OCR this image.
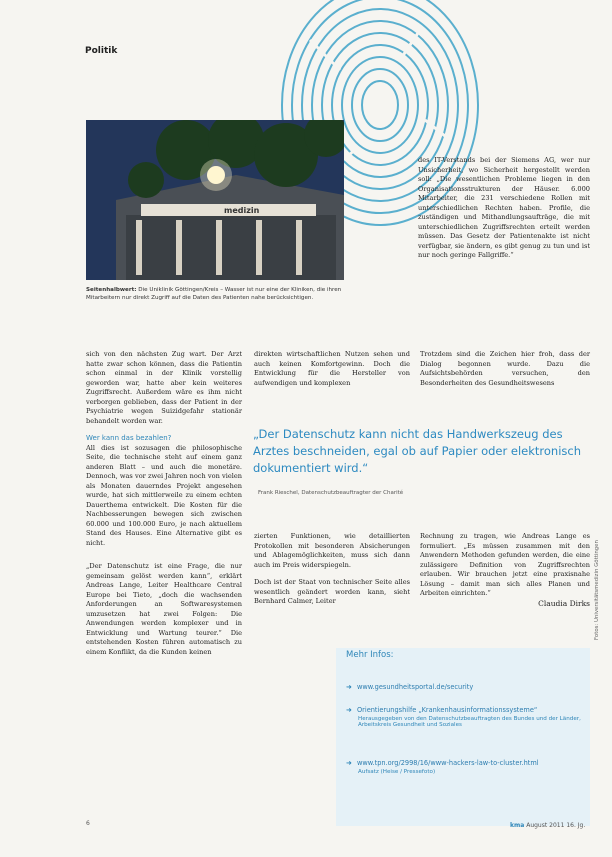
Politik
medizin
Seitenhalbwert: Die Uniklinik Göttingen/Kreis – Wasser ist nur eine der Kliniken, die ihren Mitarbeitern nur direkt Zugriff auf die Daten des Patienten nahe berücksichtigen.
des IT-Verstands bei der Siemens AG, wer nur Unsicherheit, wo Sicherheit hergestellt werden soll: „Die wesentlichen Probleme liegen in den Organisationsstrukturen der Häuser. 6.000 Mitarbeiter, die 231 verschiedene Rollen mit unterschiedlichen Rechten haben. Profile, die zuständigen und Mithandlungsaufträge, die mit unterschiedlichen Zugriffsrechten erteilt werden müssen. Das Gesetz der Patientenakte ist nicht verfügbar, sie ändern, es gibt genug zu tun und ist nur noch geringe Fallgriffe.“

sich von den nächsten Zug wart. Der Arzt hatte zwar schon können, dass die Patientin schon einmal in der Klinik vorstellig geworden war, hatte aber kein weiteres Zugriffsrecht. Außerdem wäre es ihm nicht verborgen geblieben, dass der Patient in der Psychiatrie wegen Suizidgefahr stationär behandelt worden war.

Wer kann das bezahlen?

All dies ist sozusagen die philosophische Seite, die technische steht auf einem ganz anderen Blatt – und auch die monetäre. Dennoch, was vor zwei Jahren noch von vielen als Monaten dauerndes Projekt angesehen wurde, hat sich mittlerweile zu einem echten Dauerthema entwickelt. Die Kosten für die Nachbesserungen bewegen sich zwischen 60.000 und 100.000 Euro, je nach aktuellem Stand des Hauses. Eine Alternative gibt es nicht.

„Der Datenschutz ist eine Frage, die nur gemeinsam gelöst werden kann“, erklärt Andreas Lange, Leiter Healthcare Central Europe bei Tieto, „doch die wachsenden Anforderungen an Softwaresystemen umzusetzen hat zwei Folgen: Die Anwendungen werden komplexer und in Entwicklung und Wartung teurer.“ Die entstehenden Kosten führen automatisch zu einem Konflikt, da die Kunden keinen

direkten wirtschaftlichen Nutzen sehen und auch keinen Komfortgewinn. Doch die Entwicklung für die Hersteller von aufwendigen und komplexen
Trotzdem sind die Zeichen hier froh, dass der Dialog begonnen wurde. Dazu die Aufsichtsbehörden versuchen, den Besonderheiten des Gesundheitswesens
„Der Datenschutz kann nicht das Handwerkszeug des Arztes beschneiden, egal ob auf Papier oder elektronisch dokumentiert wird.“
Frank Rieschel, Datenschutzbeauftragter der Charité

zierten Funktionen, wie detaillierten Protokollen mit besonderen Absicherungen und Ablagemöglichkeiten, muss sich dann auch im Preis widerspiegeln.

Doch ist der Staat von technischer Seite alles wesentlich geändert worden kann, sieht Bernhard Calmer, Leiter

Rechnung zu tragen, wie Andreas Lange es formuliert. „Es müssen zusammen mit den Anwendern Methoden gefunden werden, die eine zulässigere Definition von Zugriffsrechten erlauben. Wir brauchen jetzt eine praxisnahe Lösung – damit man sich alles Planen und Arbeiten einrichten.“

Claudia Dirks
Mehr Infos:
➜ www.gesundheitsportal.de/security
➜ Orientierungshilfe „Krankenhausinformationssysteme“
Herausgegeben von den Datenschutzbeauftragten des Bundes und der Länder, Arbeitskreis Gesundheit und Soziales
➜ www.tpn.org/2998/16/www-hackers-law-to-cluster.html
Aufsatz (Heise / Pressefoto)
Fotos: Universitätsmedizin Göttingen
6	kma August 2011 16. Jg.
